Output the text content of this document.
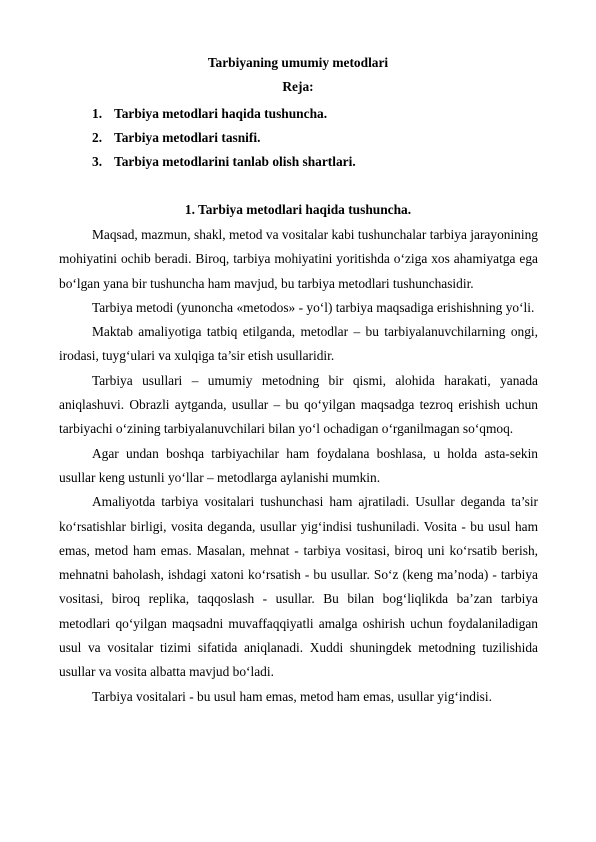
Tarbiyaning umumiy metodlari
Reja:
1. Tarbiya metodlari haqida tushuncha.
2. Tarbiya metodlari tasnifi.
3. Tarbiya metodlarini tanlab olish shartlari.
1. Tarbiya metodlari haqida tushuncha.

Maqsad, mazmun, shakl, metod va vositalar kabi tushunchalar tarbiya jarayonining mohiyatini ochib beradi. Biroq, tarbiya mohiyatini yoritishda o‘ziga xos ahamiyatga ega bo‘lgan yana bir tushuncha ham mavjud, bu tarbiya metodlari tushunchasidir.

Tarbiya metodi (yunoncha «metodos» - yo‘l) tarbiya maqsadiga erishishning yo‘li.

Maktab amaliyotiga tatbiq etilganda, metodlar – bu tarbiyalanuvchilarning ongi, irodasi, tuyg‘ulari va xulqiga ta’sir etish usullaridir.

Tarbiya usullari – umumiy metodning bir qismi, alohida harakati, yanada aniqlashuvi. Obrazli aytganda, usullar – bu qo‘yilgan maqsadga tezroq erishish uchun tarbiyachi o‘zining tarbiyalanuvchilari bilan yo‘l ochadigan o‘rganilmagan so‘qmoq.

Agar undan boshqa tarbiyachilar ham foydalana boshlasa, u holda asta-sekin usullar keng ustunli yo‘llar – metodlarga aylanishi mumkin.

Amaliyotda tarbiya vositalari tushunchasi ham ajratiladi. Usullar deganda ta’sir ko‘rsatishlar birligi, vosita deganda, usullar yig‘indisi tushuniladi. Vosita - bu usul ham emas, metod ham emas. Masalan, mehnat - tarbiya vositasi, biroq uni ko‘rsatib berish, mehnatni baholash, ishdagi xatoni ko‘rsatish - bu usullar. So‘z (keng ma’noda) - tarbiya vositasi, biroq replika, taqqoslash - usullar. Bu bilan bog‘liqlikda ba’zan tarbiya metodlari qo‘yilgan maqsadni muvaffaqqiyatli amalga oshirish uchun foydalaniladigan usul va vositalar tizimi sifatida aniqlanadi. Xuddi shuningdek metodning tuzilishida usullar va vosita albatta mavjud bo‘ladi.

Tarbiya vositalari - bu usul ham emas, metod ham emas, usullar yig‘indisi.
